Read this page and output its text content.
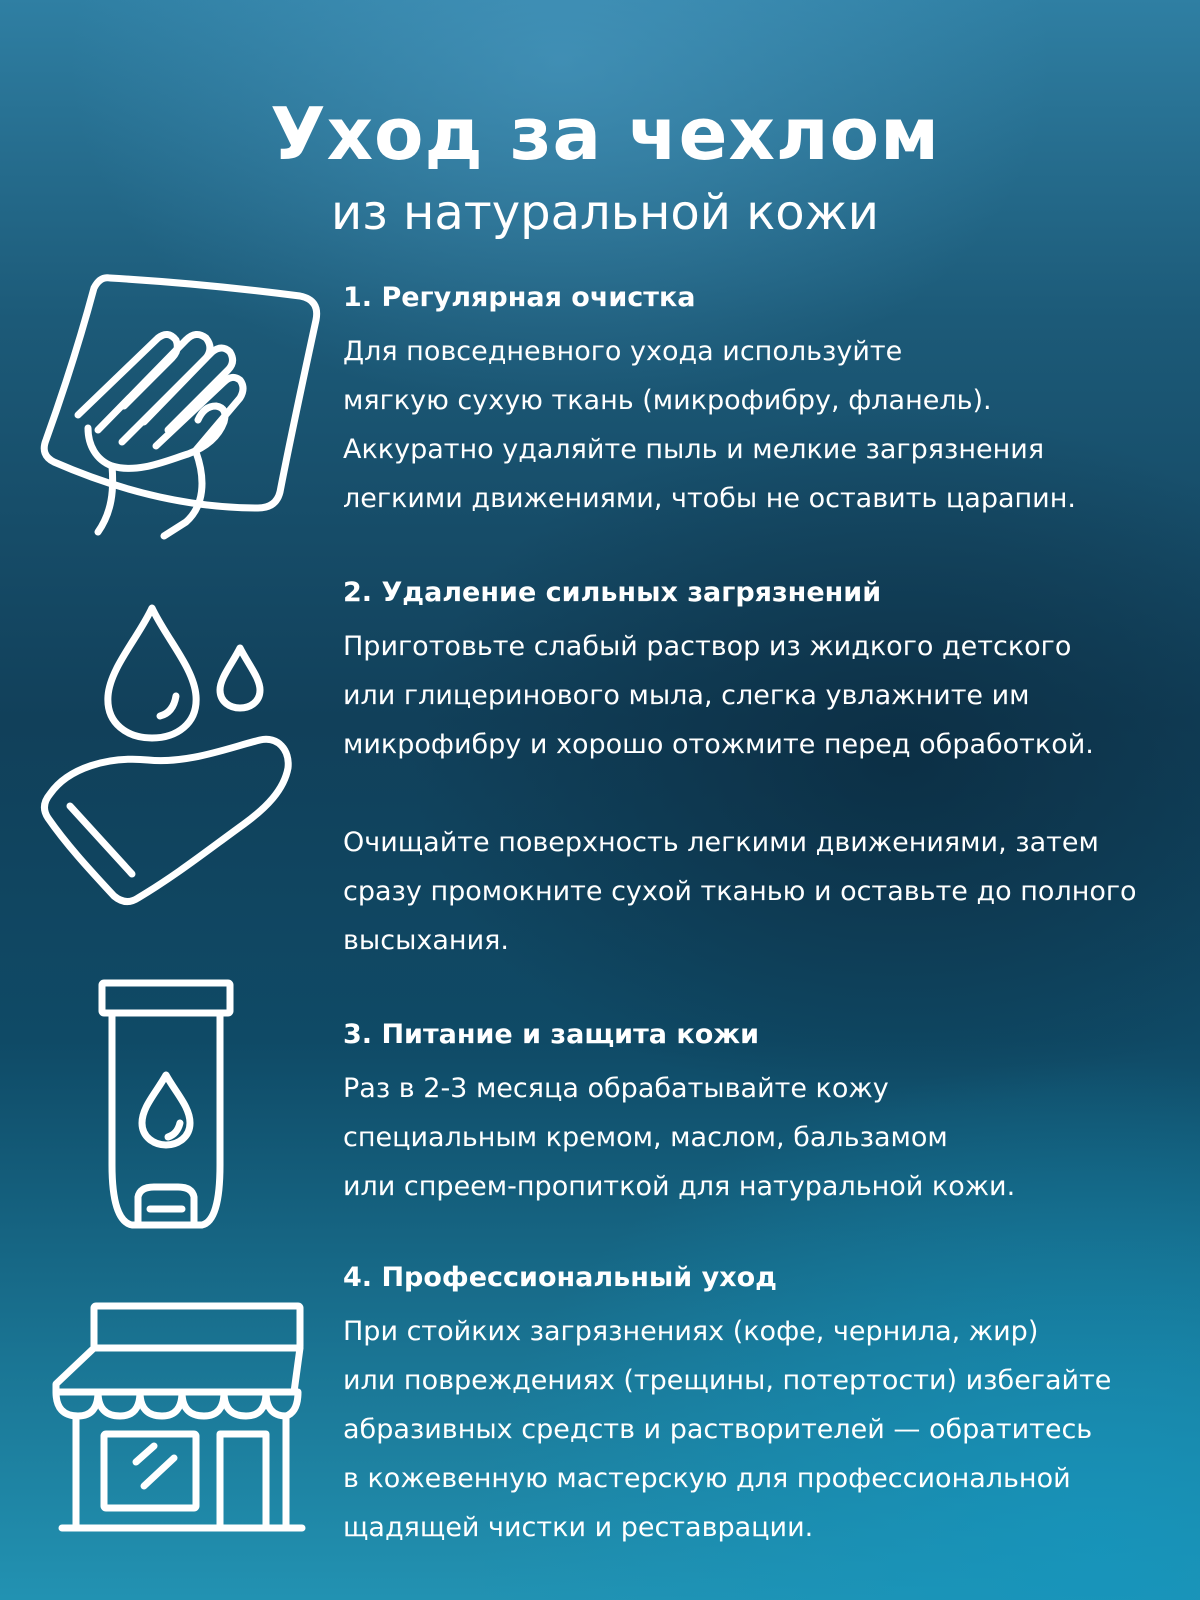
Уход за чехлом
из натуральной кожи
1. Регулярная очистка

Для повседневного ухода используйте

мягкую сухую ткань (микрофибру, фланель).

Аккуратно удаляйте пыль и мелкие загрязнения

легкими движениями, чтобы не оставить царапин.

2. Удаление сильных загрязнений

Приготовьте слабый раствор из жидкого детского

или глицеринового мыла, слегка увлажните им

микрофибру и хорошо отожмите перед обработкой.

Очищайте поверхность легкими движениями, затем

сразу промокните сухой тканью и оставьте до полного

высыхания.

3. Питание и защита кожи

Раз в 2-3 месяца обрабатывайте кожу

специальным кремом, маслом, бальзамом

или спреем-пропиткой для натуральной кожи.

4. Профессиональный уход

При стойких загрязнениях (кофе, чернила, жир)

или повреждениях (трещины, потертости) избегайте

абразивных средств и растворителей — обратитесь

в кожевенную мастерскую для профессиональной

щадящей чистки и реставрации.
